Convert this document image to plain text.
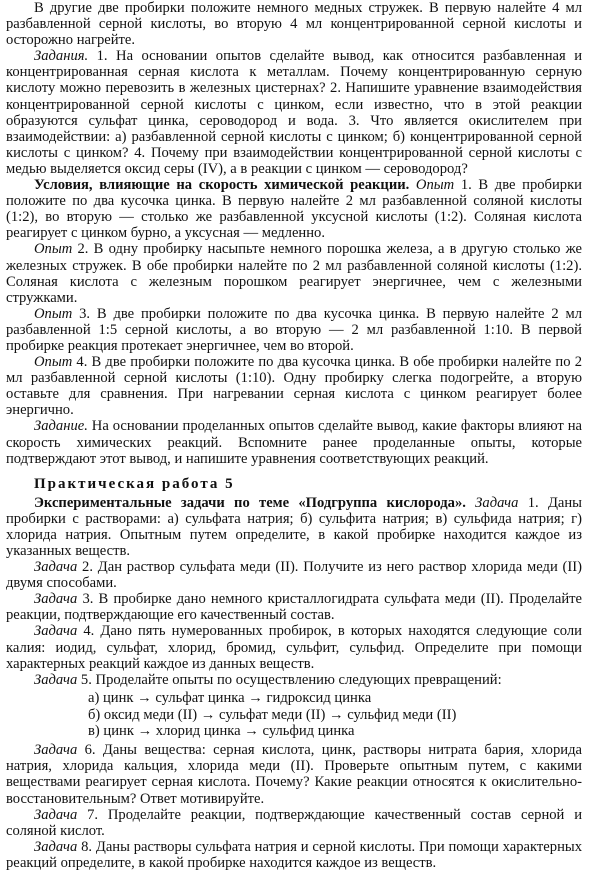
В другие две пробирки положите немного медных стружек. В первую налейте 4 мл разбавленной серной кислоты, во вторую 4 мл концентрированной серной кислоты и осторожно нагрейте.

Задания. 1. На основании опытов сделайте вывод, как относится разбавленная и концентрированная серная кислота к металлам. Почему концентрированную серную кислоту можно перевозить в железных цистернах? 2. Напишите уравнение взаимодействия концентрированной серной кислоты с цинком, если известно, что в этой реакции образуются сульфат цинка, сероводород и вода. 3. Что является окислителем при взаимодействии: а) разбавленной серной кислоты с цинком; б) концентрированной серной кислоты с цинком? 4. Почему при взаимодействии концентрированной серной кислоты с медью выделяется оксид серы (IV), а в реакции с цинком — сероводород?

Условия, влияющие на скорость химической реакции. Опыт 1. В две пробирки положите по два кусочка цинка. В первую налейте 2 мл разбавленной соляной кислоты (1:2), во вторую — столько же разбавленной уксусной кислоты (1:2). Соляная кислота реагирует с цинком бурно, а уксусная — медленно.

Опыт 2. В одну пробирку насыпьте немного порошка железа, а в другую столько же железных стружек. В обе пробирки налейте по 2 мл разбавленной соляной кислоты (1:2). Соляная кислота с железным порошком реагирует энергичнее, чем с железными стружками.

Опыт 3. В две пробирки положите по два кусочка цинка. В первую налейте 2 мл разбавленной 1:5 серной кислоты, а во вторую — 2 мл разбавленной 1:10. В первой пробирке реакция протекает энергичнее, чем во второй.

Опыт 4. В две пробирки положите по два кусочка цинка. В обе пробирки налейте по 2 мл разбавленной серной кислоты (1:10). Одну пробирку слегка подогрейте, а вторую оставьте для сравнения. При нагревании серная кислота с цинком реагирует более энергично.

Задание. На основании проделанных опытов сделайте вывод, какие факторы влияют на скорость химических реакций. Вспомните ранее проделанные опыты, которые подтверждают этот вывод, и напишите уравнения соответствующих реакций.

Практическая работа 5

Экспериментальные задачи по теме «Подгруппа кислорода». Задача 1. Даны пробирки с растворами: а) сульфата натрия; б) сульфита натрия; в) сульфида натрия; г) хлорида натрия. Опытным путем определите, в какой пробирке находится каждое из указанных веществ.

Задача 2. Дан раствор сульфата меди (II). Получите из него раствор хлорида меди (II) двумя способами.

Задача 3. В пробирке дано немного кристаллогидрата сульфата меди (II). Проделайте реакции, подтверждающие его качественный состав.

Задача 4. Дано пять нумерованных пробирок, в которых находятся следующие соли калия: иодид, сульфат, хлорид, бромид, сульфит, сульфид. Определите при помощи характерных реакций каждое из данных веществ.

Задача 5. Проделайте опыты по осуществлению следующих превращений:

а) цинк → сульфат цинка → гидроксид цинка
б) оксид меди (II) → сульфат меди (II) → сульфид меди (II)
в) цинк → хлорид цинка → сульфид цинка

Задача 6. Даны вещества: серная кислота, цинк, растворы нитрата бария, хлорида натрия, хлорида кальция, хлорида меди (II). Проверьте опытным путем, с какими веществами реагирует серная кислота. Почему? Какие реакции относятся к окислительно-восстановительным? Ответ мотивируйте.

Задача 7. Проделайте реакции, подтверждающие качественный состав серной и соляной кислот.

Задача 8. Даны растворы сульфата натрия и серной кислоты. При помощи характерных реакций определите, в какой пробирке находится каждое из веществ.
